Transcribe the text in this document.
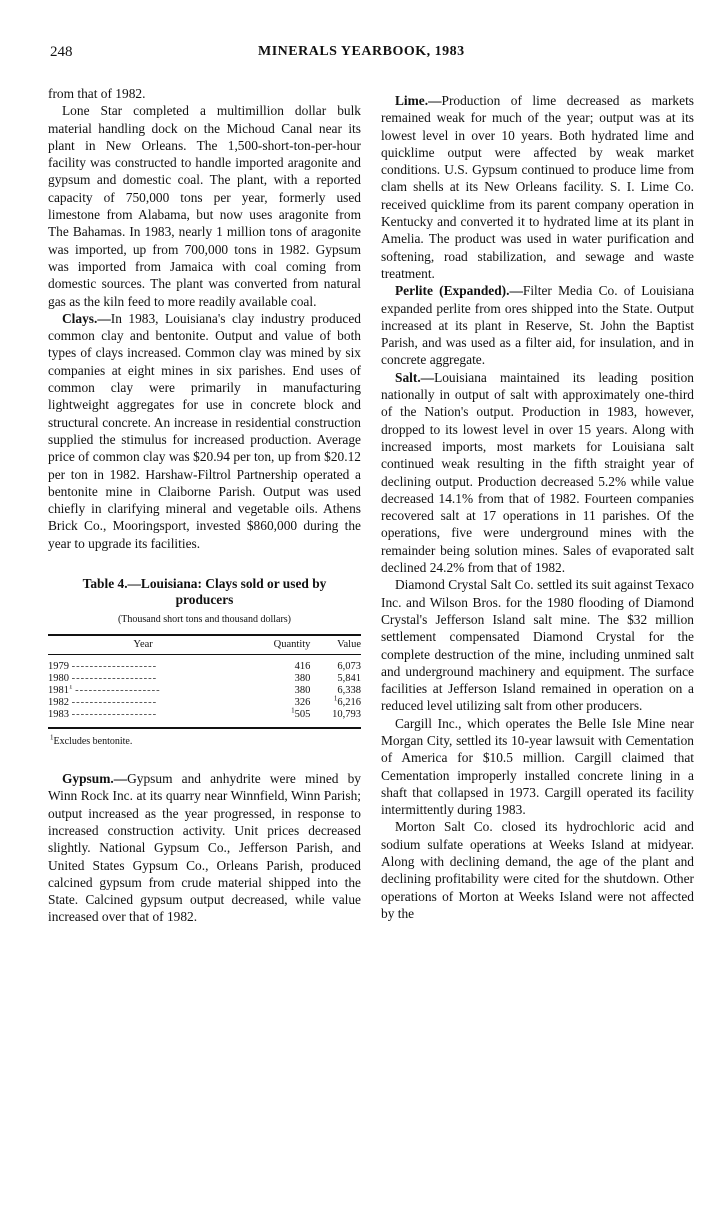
248	MINERALS YEARBOOK, 1983

from that of 1982.

Lone Star completed a multimillion dollar bulk material handling dock on the Michoud Canal near its plant in New Orleans. The 1,500-short-ton-per-hour facility was constructed to handle imported aragonite and gypsum and domestic coal. The plant, with a reported capacity of 750,000 tons per year, formerly used limestone from Alabama, but now uses aragonite from The Bahamas. In 1983, nearly 1 million tons of aragonite was imported, up from 700,000 tons in 1982. Gypsum was imported from Jamaica with coal coming from domestic sources. The plant was converted from natural gas as the kiln feed to more readily available coal.

Clays.—In 1983, Louisiana's clay industry produced common clay and bentonite. Output and value of both types of clays increased. Common clay was mined by six companies at eight mines in six parishes. End uses of common clay were primarily in manufacturing lightweight aggregates for use in concrete block and structural concrete. An increase in residential construction supplied the stimulus for increased production. Average price of common clay was $20.94 per ton, up from $20.12 per ton in 1982. Harshaw-Filtrol Partnership operated a bentonite mine in Claiborne Parish. Output was used chiefly in clarifying mineral and vegetable oils. Athens Brick Co., Mooringsport, invested $860,000 during the year to upgrade its facilities.

Table 4.—Louisiana: Clays sold or used by producers
(Thousand short tons and thousand dollars)
Year	Quantity	Value
1979 -------------------	416	6,073
1980 -------------------	380	5,841
1981$^1$ -------------------	380	6,338
1982 -------------------	326	$^1$6,216
1983 -------------------	$^1$505	10,793
$^1$Excludes bentonite.

Gypsum.—Gypsum and anhydrite were mined by Winn Rock Inc. at its quarry near Winnfield, Winn Parish; output increased as the year progressed, in response to increased construction activity. Unit prices decreased slightly. National Gypsum Co., Jefferson Parish, and United States Gypsum Co., Orleans Parish, produced calcined gypsum from crude material shipped into the State. Calcined gypsum output decreased, while value increased over that of 1982.

Lime.—Production of lime decreased as markets remained weak for much of the year; output was at its lowest level in over 10 years. Both hydrated lime and quicklime output were affected by weak market conditions. U.S. Gypsum continued to produce lime from clam shells at its New Orleans facility. S. I. Lime Co. received quicklime from its parent company operation in Kentucky and converted it to hydrated lime at its plant in Amelia. The product was used in water purification and softening, road stabilization, and sewage and waste treatment.

Perlite (Expanded).—Filter Media Co. of Louisiana expanded perlite from ores shipped into the State. Output increased at its plant in Reserve, St. John the Baptist Parish, and was used as a filter aid, for insulation, and in concrete aggregate.

Salt.—Louisiana maintained its leading position nationally in output of salt with approximately one-third of the Nation's output. Production in 1983, however, dropped to its lowest level in over 15 years. Along with increased imports, most markets for Louisiana salt continued weak resulting in the fifth straight year of declining output. Production decreased 5.2% while value decreased 14.1% from that of 1982. Fourteen companies recovered salt at 17 operations in 11 parishes. Of the operations, five were underground mines with the remainder being solution mines. Sales of evaporated salt declined 24.2% from that of 1982.

Diamond Crystal Salt Co. settled its suit against Texaco Inc. and Wilson Bros. for the 1980 flooding of Diamond Crystal's Jefferson Island salt mine. The $32 million settlement compensated Diamond Crystal for the complete destruction of the mine, including unmined salt and underground machinery and equipment. The surface facilities at Jefferson Island remained in operation on a reduced level utilizing salt from other producers.

Cargill Inc., which operates the Belle Isle Mine near Morgan City, settled its 10-year lawsuit with Cementation of America for $10.5 million. Cargill claimed that Cementation improperly installed concrete lining in a shaft that collapsed in 1973. Cargill operated its facility intermittently during 1983.

Morton Salt Co. closed its hydrochloric acid and sodium sulfate operations at Weeks Island at midyear. Along with declining demand, the age of the plant and declining profitability were cited for the shutdown. Other operations of Morton at Weeks Island were not affected by the
